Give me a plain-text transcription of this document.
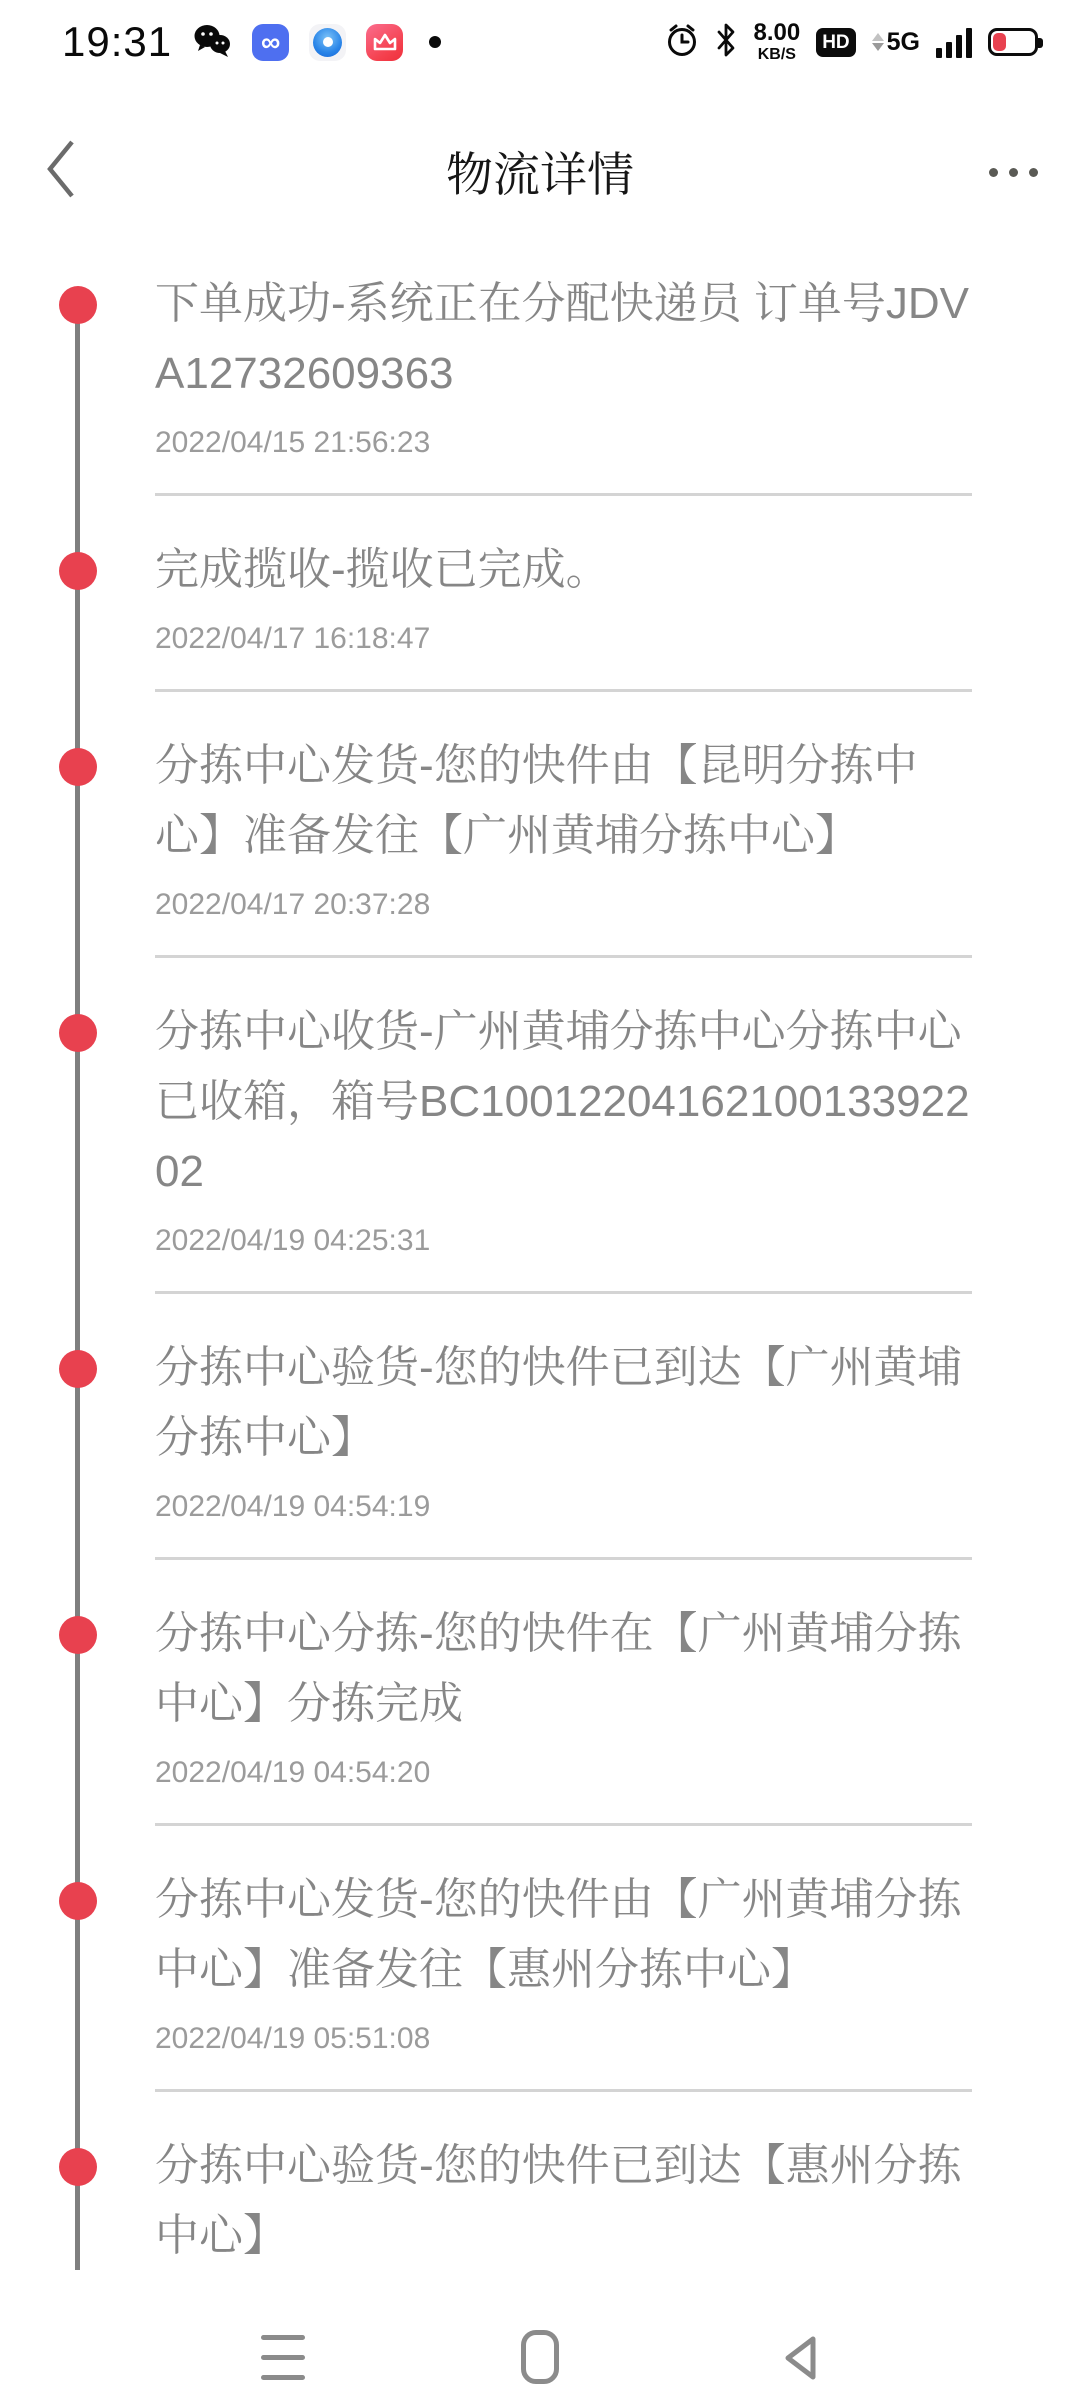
19:31	∞	8.00
KB/S
HD 5G
物流详情
下单成功-系统正在分配快递员 订单号JDVA12732609363
2022/04/15 21:56:23
完成揽收-揽收已完成。
2022/04/17 16:18:47
分拣中心发货-您的快件由【昆明分拣中心】准备发往【广州黄埔分拣中心】
2022/04/17 20:37:28
分拣中心收货-广州黄埔分拣中心分拣中心已收箱，箱号BC1001220416210013392202
2022/04/19 04:25:31
分拣中心验货-您的快件已到达【广州黄埔分拣中心】
2022/04/19 04:54:19
分拣中心分拣-您的快件在【广州黄埔分拣中心】分拣完成
2022/04/19 04:54:20
分拣中心发货-您的快件由【广州黄埔分拣中心】准备发往【惠州分拣中心】
2022/04/19 05:51:08
分拣中心验货-您的快件已到达【惠州分拣中心】
